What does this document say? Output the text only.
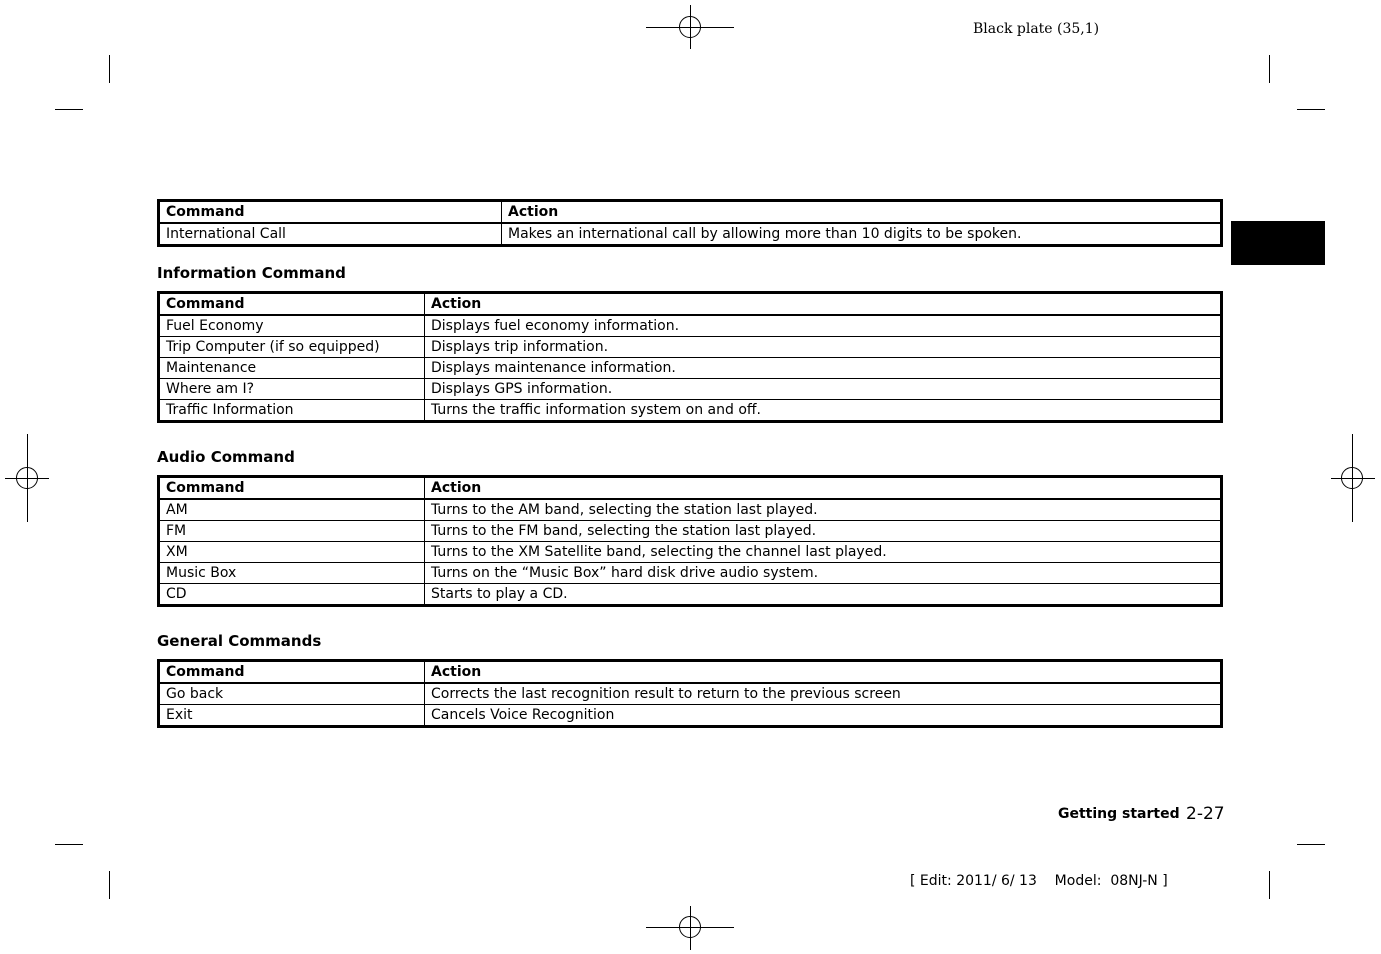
Black plate (35,1)
Command	Action
International Call	Makes an international call by allowing more than 10 digits to be spoken.
Information Command
Command	Action
Fuel Economy	Displays fuel economy information.
Trip Computer (if so equipped)	Displays trip information.
Maintenance	Displays maintenance information.
Where am I?	Displays GPS information.
Traffic Information	Turns the traffic information system on and off.
Audio Command
Command	Action
AM	Turns to the AM band, selecting the station last played.
FM	Turns to the FM band, selecting the station last played.
XM	Turns to the XM Satellite band, selecting the channel last played.
Music Box	Turns on the “Music Box” hard disk drive audio system.
CD	Starts to play a CD.
General Commands
Command	Action
Go back	Corrects the last recognition result to return to the previous screen
Exit	Cancels Voice Recognition
Getting started 2-27
[ Edit: 2011/ 6/ 13    Model:  08NJ-N ]
